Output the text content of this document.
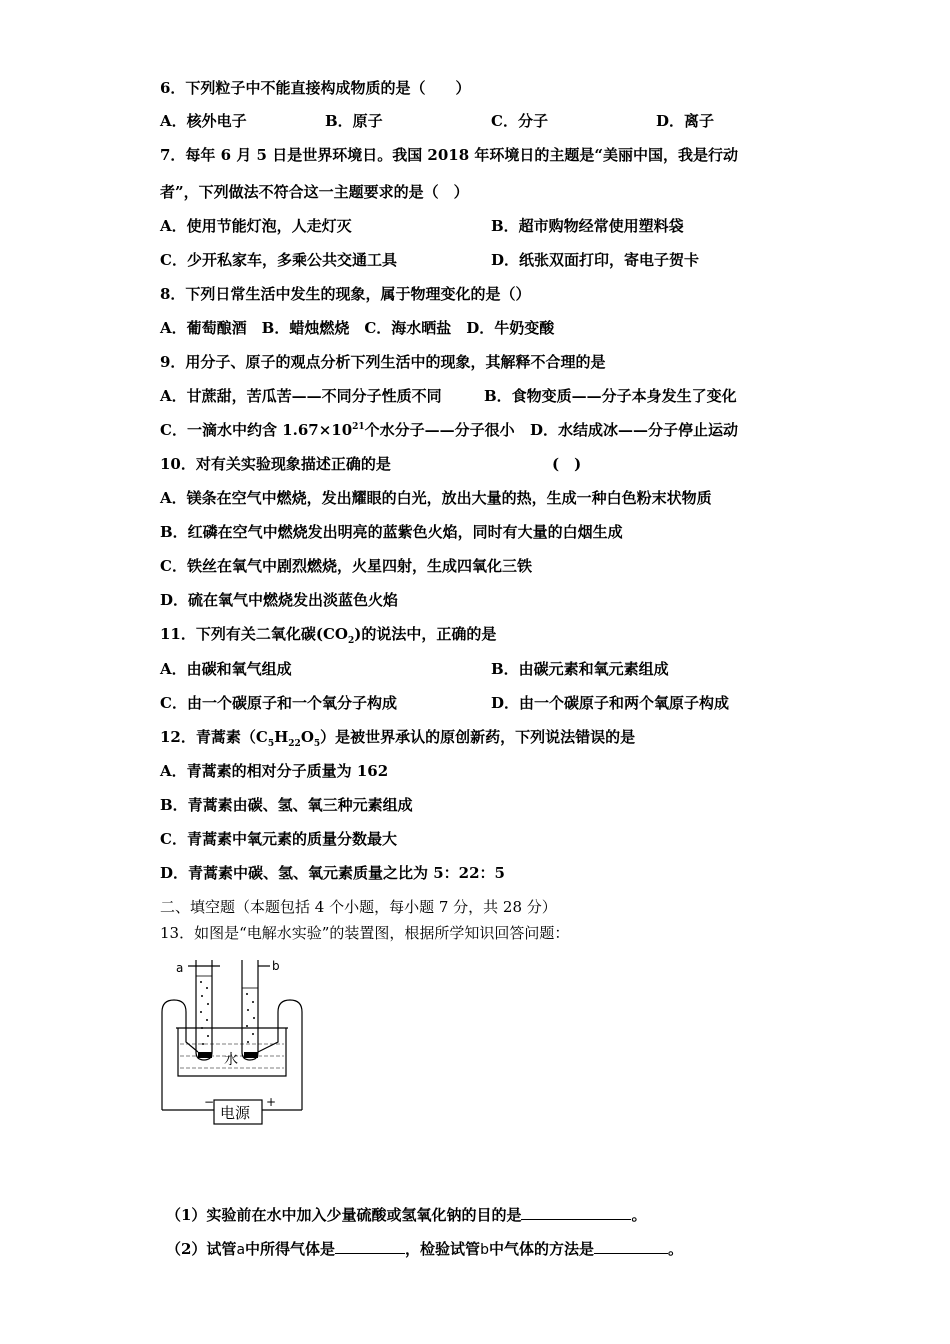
6．下列粒子中不能直接构成物质的是（　　）
A．核外电子	B．原子	C．分子	D．离子
7．每年 6 月 5 日是世界环境日。我国 2018 年环境日的主题是“美丽中国，我是行动
者”，下列做法不符合这一主题要求的是（　）
A．使用节能灯泡，人走灯灭	B．超市购物经常使用塑料袋
C．少开私家车，多乘公共交通工具	D．纸张双面打印，寄电子贺卡
8．下列日常生活中发生的现象，属于物理变化的是（）
A．葡萄酿酒　B．蜡烛燃烧　C．海水晒盐　D．牛奶变酸
9．用分子、原子的观点分析下列生活中的现象，其解释不合理的是
A．甘蔗甜，苦瓜苦——不同分子性质不同	B．食物变质——分子本身发生了变化
C．一滴水中约含 $1.67\times 10^{21}$个水分子——分子很小 D．水结成冰——分子停止运动
10．对有关实验现象描述正确的是	(　)
A．镁条在空气中燃烧，发出耀眼的白光，放出大量的热，生成一种白色粉末状物质
B．红磷在空气中燃烧发出明亮的蓝紫色火焰，同时有大量的白烟生成
C．铁丝在氧气中剧烈燃烧，火星四射，生成四氧化三铁
D．硫在氧气中燃烧发出淡蓝色火焰
11．下列有关二氧化碳$(CO_2)$的说法中，正确的是
A．由碳和氧气组成	B．由碳元素和氧元素组成
C．由一个碳原子和一个氧分子构成	D．由一个碳原子和两个氧原子构成
12．青蒿素$(C_5H_{22}O_5)$是被世界承认的原创新药，下列说法错误的是
A．青蒿素的相对分子质量为 162
B．青蒿素由碳、氢、氧三种元素组成
C．青蒿素中氧元素的质量分数最大
D．青蒿素中碳、氢、氧元素质量之比为 5：22：5
二、填空题（本题包括 4 个小题，每小题 7 分，共 28 分）
13．如图是“电解水实验”的装置图，根据所学知识回答问题：
a	b
水
电源
−	+
（1）实验前在水中加入少量硫酸或氢氧化钠的目的是	。
（2）试管a中所得气体是	，检验试管b中气体的方法是	。
